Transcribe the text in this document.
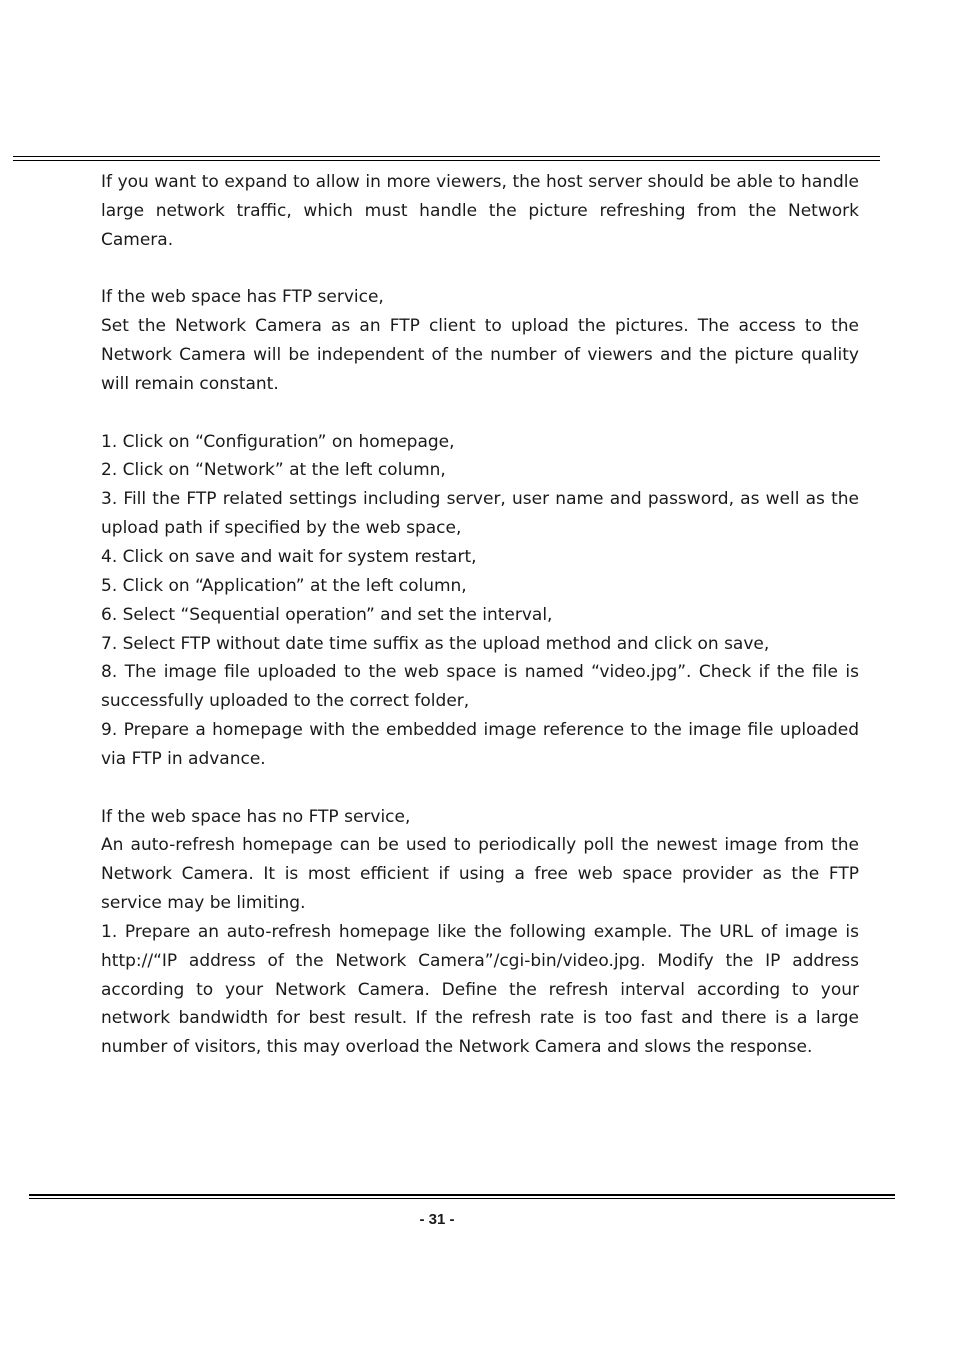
If you want to expand to allow in more viewers, the host server should be able to handle large network traffic, which must handle the picture refreshing from the Network Camera.

If the web space has FTP service,

Set the Network Camera as an FTP client to upload the pictures. The access to the Network Camera will be independent of the number of viewers and the picture quality will remain constant.

1. Click on “Configuration” on homepage,

2. Click on “Network” at the left column,

3. Fill the FTP related settings including server, user name and password, as well as the upload path if specified by the web space,

4. Click on save and wait for system restart,

5. Click on “Application” at the left column,

6. Select “Sequential operation” and set the interval,

7. Select FTP without date time suffix as the upload method and click on save,

8. The image file uploaded to the web space is named “video.jpg”. Check if the file is successfully uploaded to the correct folder,

9. Prepare a homepage with the embedded image reference to the image file uploaded via FTP in advance.

If the web space has no FTP service,

An auto-refresh homepage can be used to periodically poll the newest image from the Network Camera. It is most efficient if using a free web space provider as the FTP service may be limiting.

1. Prepare an auto-refresh homepage like the following example. The URL of image is http://“IP address of the Network Camera”/cgi-bin/video.jpg. Modify the IP address according to your Network Camera. Define the refresh interval according to your network bandwidth for best result. If the refresh rate is too fast and there is a large number of visitors, this may overload the Network Camera and slows the response.

- 31 -
